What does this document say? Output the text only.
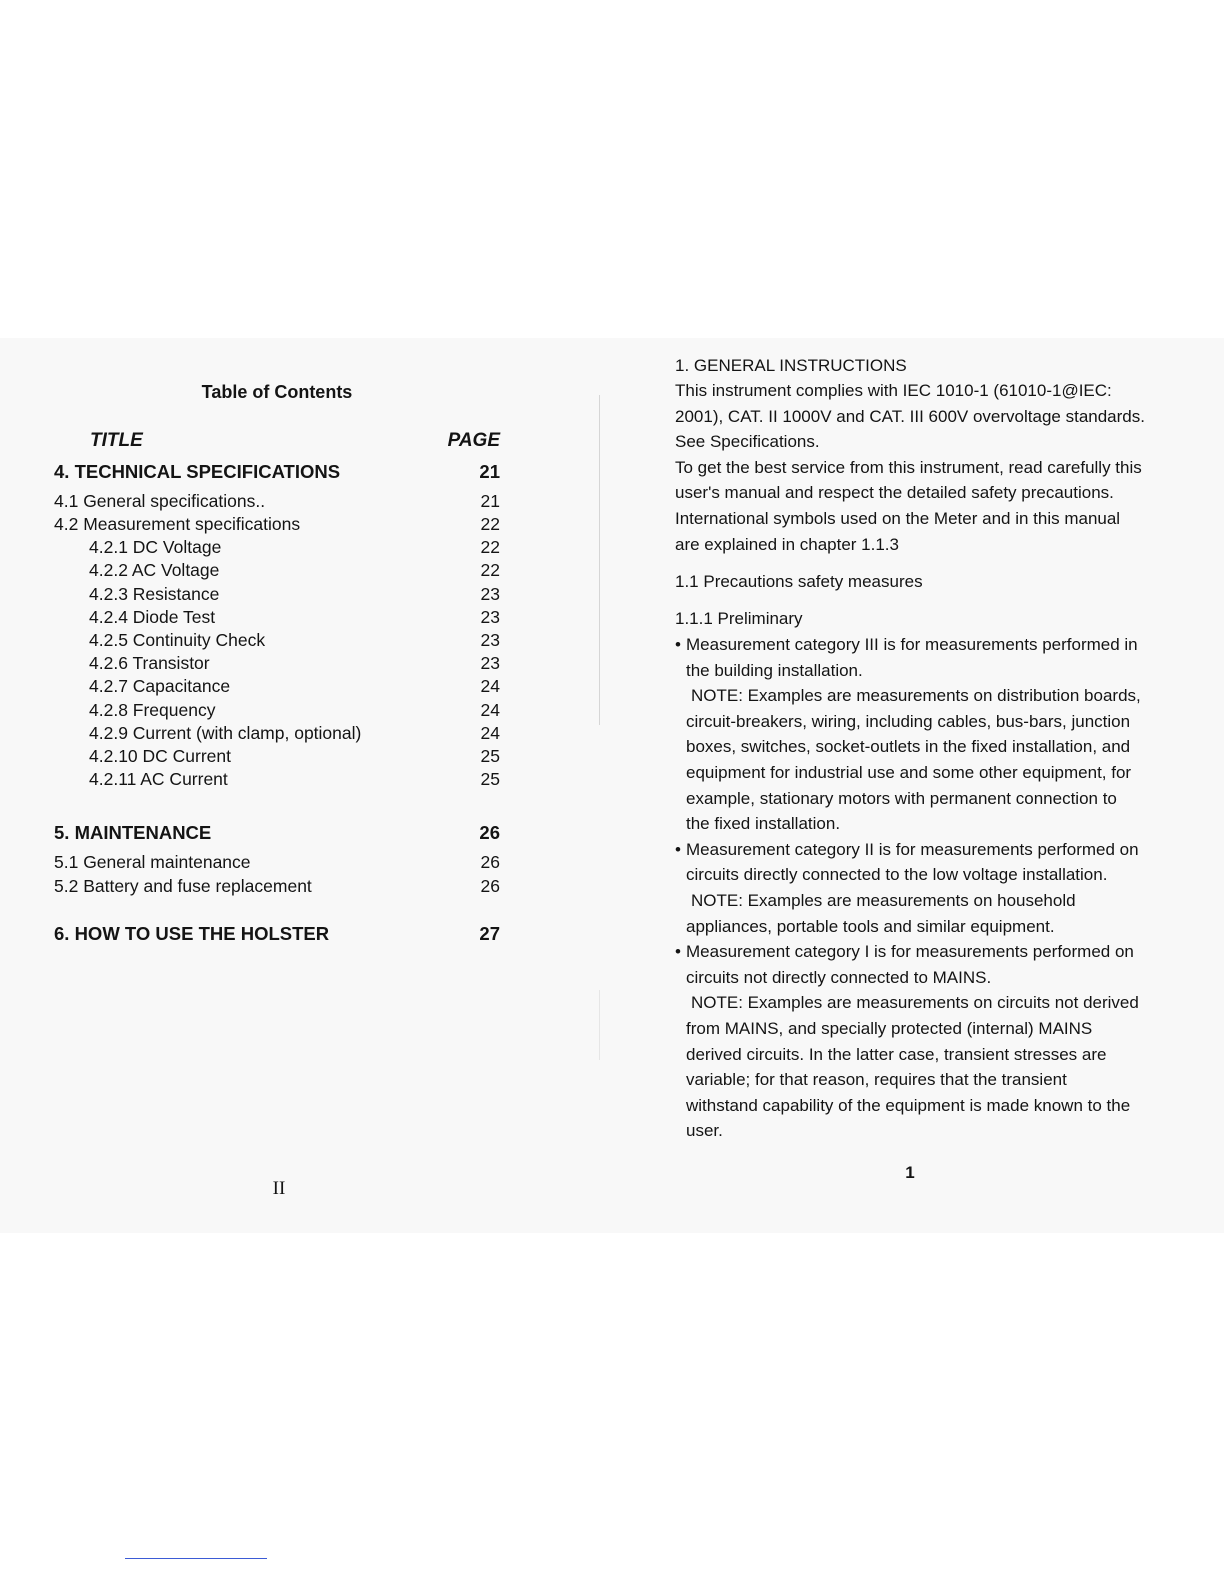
Table of Contents
TITLE	PAGE
4. TECHNICAL SPECIFICATIONS	21
4.1 General specifications..	21
4.2 Measurement specifications	22
4.2.1 DC Voltage	22
4.2.2 AC Voltage	22
4.2.3 Resistance	23
4.2.4 Diode Test	23
4.2.5 Continuity Check	23
4.2.6 Transistor	23
4.2.7 Capacitance	24
4.2.8 Frequency	24
4.2.9 Current (with clamp, optional)	24
4.2.10 DC Current	25
4.2.11 AC Current	25
5. MAINTENANCE	26
5.1 General maintenance	26
5.2 Battery and fuse replacement	26
6. HOW TO USE THE HOLSTER	27
II
1. GENERAL INSTRUCTIONS
This instrument complies with IEC 1010-1 (61010-1@IEC:
2001), CAT. II 1000V and CAT. III 600V overvoltage standards.
See Specifications.
To get the best service from this instrument, read carefully this
user's manual and respect the detailed safety precautions.
International symbols used on the Meter and in this manual
are explained in chapter 1.1.3
1.1 Precautions safety measures
1.1.1 Preliminary
• Measurement category III is for measurements performed in
the building installation.
NOTE: Examples are measurements on distribution boards,
circuit-breakers, wiring, including cables, bus-bars, junction
boxes, switches, socket-outlets in the fixed installation, and
equipment for industrial use and some other equipment, for
example, stationary motors with permanent connection to
the fixed installation.
• Measurement category II is for measurements performed on
circuits directly connected to the low voltage installation.
NOTE: Examples are measurements on household
appliances, portable tools and similar equipment.
• Measurement category I is for measurements performed on
circuits not directly connected to MAINS.
NOTE: Examples are measurements on circuits not derived
from MAINS, and specially protected (internal) MAINS
derived circuits. In the latter case, transient stresses are
variable; for that reason, requires that the transient
withstand capability of the equipment is made known to the
user.
1
